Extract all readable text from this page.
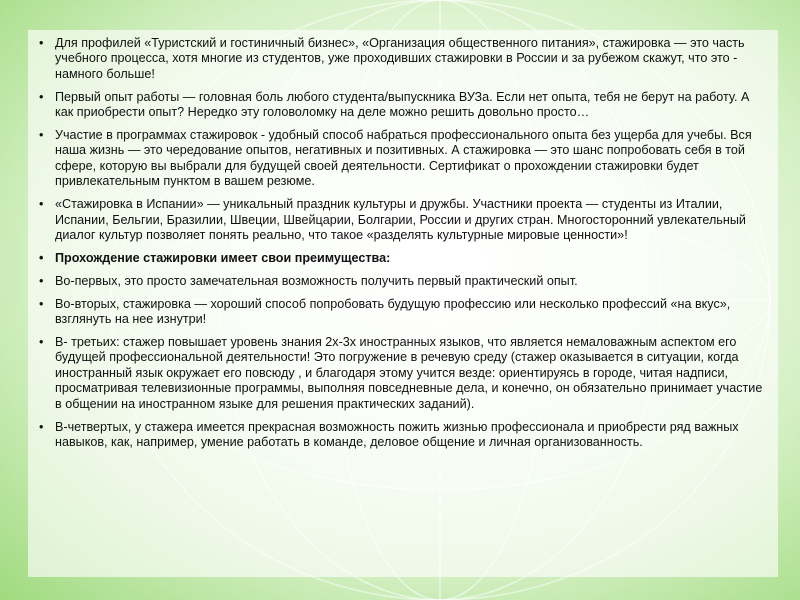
• Для профилей «Туристский и гостиничный бизнес», «Организация общественного питания», стажировка — это часть учебного процесса, хотя многие из студентов, уже проходивших стажировки в России и за рубежом скажут, что это - намного больше!
• Первый опыт работы — головная боль любого студента/выпускника ВУЗа. Если нет опыта, тебя не берут на работу. А как приобрести опыт? Нередко эту головоломку на деле можно решить довольно просто…
• Участие в программах стажировок - удобный способ набраться профессионального опыта без ущерба для учебы. Вся наша жизнь — это чередование опытов, негативных и позитивных. А стажировка — это шанс попробовать себя в той сфере, которую вы выбрали для будущей своей деятельности. Сертификат о прохождении стажировки будет привлекательным пунктом в вашем резюме.
• «Стажировка в Испании» — уникальный праздник культуры и дружбы. Участники проекта — студенты из Италии, Испании, Бельгии, Бразилии, Швеции, Швейцарии, Болгарии, России и других стран. Многосторонний увлекательный диалог культур позволяет понять реально, что такое «разделять культурные мировые ценности»!
• Прохождение стажировки имеет свои преимущества:
• Во-первых, это просто замечательная возможность получить первый практический опыт.
• Во-вторых, стажировка — хороший способ попробовать будущую профессию или несколько профессий «на вкус», взглянуть на нее изнутри!
• В- третьих: стажер повышает уровень знания 2х-3х иностранных языков, что является немаловажным аспектом его будущей профессиональной деятельности! Это погружение в речевую среду (стажер оказывается в ситуации, когда иностранный язык окружает его повсюду , и благодаря этому учится везде: ориентируясь в городе, читая надписи, просматривая телевизионные программы, выполняя повседневные дела, и конечно, он обязательно принимает участие в общении на иностранном языке для решения практических заданий).
• В-четвертых, у стажера имеется прекрасная возможность пожить жизнью профессионала и приобрести ряд важных навыков, как, например, умение работать в команде, деловое общение и личная организованность.
